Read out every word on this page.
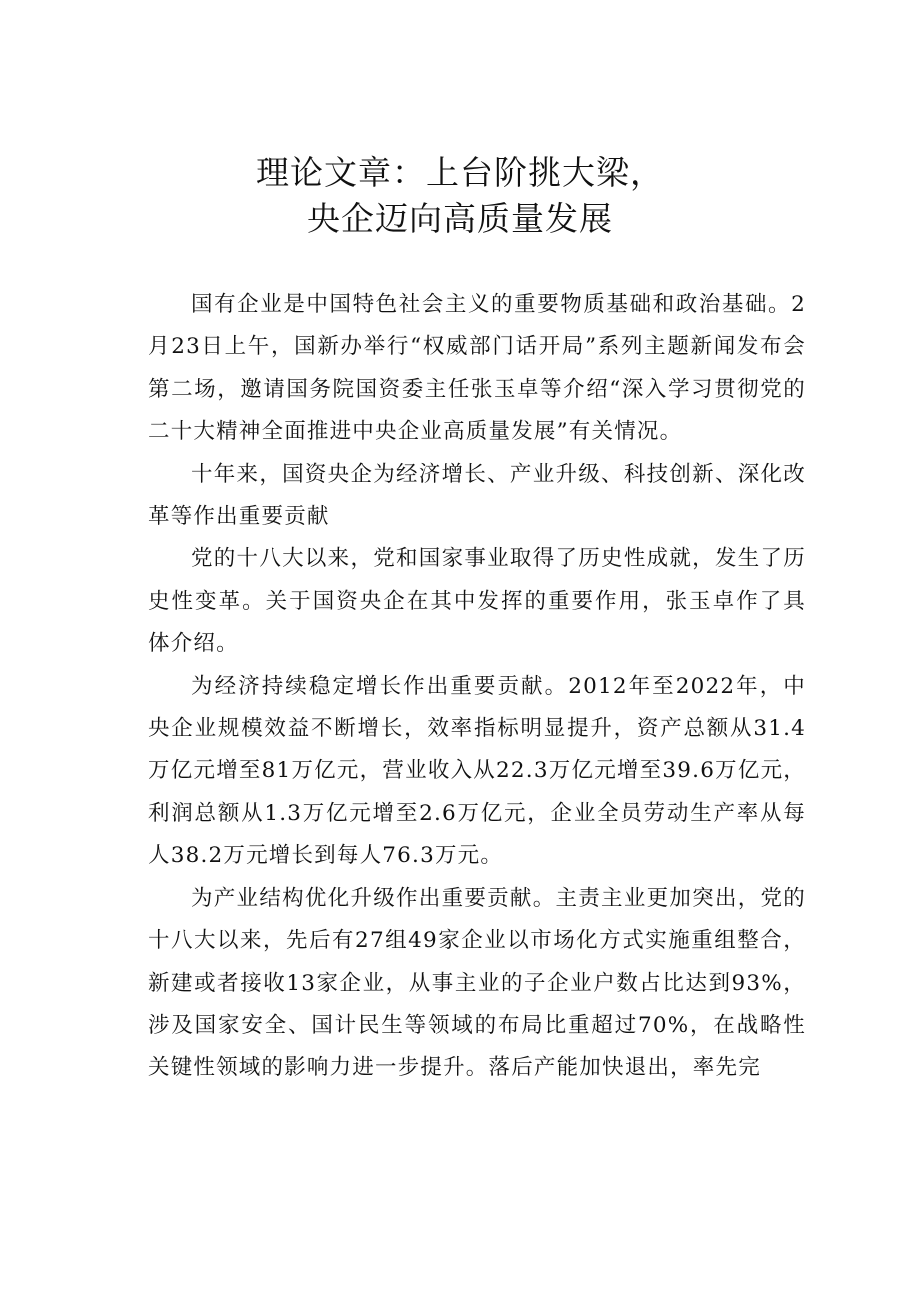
理论文章：上台阶挑大梁，
央企迈向高质量发展

国有企业是中国特色社会主义的重要物质基础和政治基础。2月23日上午，国新办举行“权威部门话开局”系列主题新闻发布会第二场，邀请国务院国资委主任张玉卓等介绍“深入学习贯彻党的二十大精神全面推进中央企业高质量发展”有关情况。

十年来，国资央企为经济增长、产业升级、科技创新、深化改革等作出重要贡献

党的十八大以来，党和国家事业取得了历史性成就，发生了历史性变革。关于国资央企在其中发挥的重要作用，张玉卓作了具体介绍。

为经济持续稳定增长作出重要贡献。2012年至2022年，中央企业规模效益不断增长，效率指标明显提升，资产总额从31.4万亿元增至81万亿元，营业收入从22.3万亿元增至39.6万亿元，利润总额从1.3万亿元增至2.6万亿元，企业全员劳动生产率从每人38.2万元增长到每人76.3万元。

为产业结构优化升级作出重要贡献。主责主业更加突出，党的十八大以来，先后有27组49家企业以市场化方式实施重组整合，新建或者接收13家企业，从事主业的子企业户数占比达到93%，涉及国家安全、国计民生等领域的布局比重超过70%，在战略性关键性领域的影响力进一步提升。落后产能加快退出，率先完
